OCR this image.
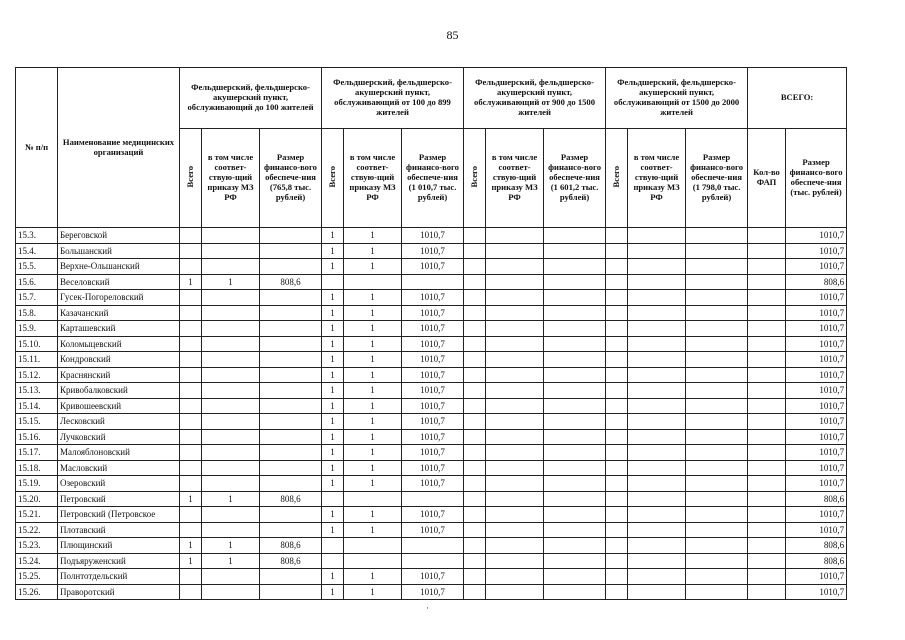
85
№ п/п	Наименование медицинских организаций	Фельдшерский, фельдшерско-акушерский пункт, обслуживающий до 100 жителей			Фельдшерский, фельдшерско-акушерский пункт, обслуживающий от 100 до 899 жителей			Фельдшерский, фельдшерско-акушерский пункт, обслуживающий от 900 до 1500 жителей			Фельдшерский, фельдшерско-акушерский пункт, обслуживающий от 1500 до 2000 жителей			ВСЕГО:	
		Всего	в том числе соответ-ствую-щий приказу МЗ РФ	Размер финансо-вого обеспече-ния (765,8 тыс. рублей)	Всего	в том числе соответ-ствую-щий приказу МЗ РФ	Размер финансо-вого обеспече-ния (1 010,7 тыс. рублей)	Всего	в том числе соответ-ствую-щий приказу МЗ РФ	Размер финансо-вого обеспече-ния (1 601,2 тыс. рублей)	Всего	в том числе соответ-ствую-щий приказу МЗ РФ	Размер финансо-вого обеспече-ния (1 798,0 тыс. рублей)	Кол-во ФАП	Размер финансо-вого обеспече-ния (тыс. рублей)
15.3.	Береговской				1	1	1010,7								1010,7
15.4.	Большанский				1	1	1010,7								1010,7
15.5.	Верхне-Ольшанский				1	1	1010,7								1010,7
15.6.	Веселовский	1	1	808,6											808,6
15.7.	Гусек-Погореловский				1	1	1010,7								1010,7
15.8.	Казачанский				1	1	1010,7								1010,7
15.9.	Карташевский				1	1	1010,7								1010,7
15.10.	Коломыцевский				1	1	1010,7								1010,7
15.11.	Кондровский				1	1	1010,7								1010,7
15.12.	Краснянский				1	1	1010,7								1010,7
15.13.	Кривобалковский				1	1	1010,7								1010,7
15.14.	Кривошеевский				1	1	1010,7								1010,7
15.15.	Лесковский				1	1	1010,7								1010,7
15.16.	Лучковский				1	1	1010,7								1010,7
15.17.	Малояблоновский				1	1	1010,7								1010,7
15.18.	Масловский				1	1	1010,7								1010,7
15.19.	Озеровский				1	1	1010,7								1010,7
15.20.	Петровский	1	1	808,6											808,6
15.21.	Петровский (Петровское				1	1	1010,7								1010,7
15.22.	Плотавский				1	1	1010,7								1010,7
15.23.	Плющинский	1	1	808,6											808,6
15.24.	Подъяруженский	1	1	808,6											808,6
15.25.	Полнтотдельский				1	1	1010,7								1010,7
15.26.	Праворотский				1	1	1010,7								1010,7
·
